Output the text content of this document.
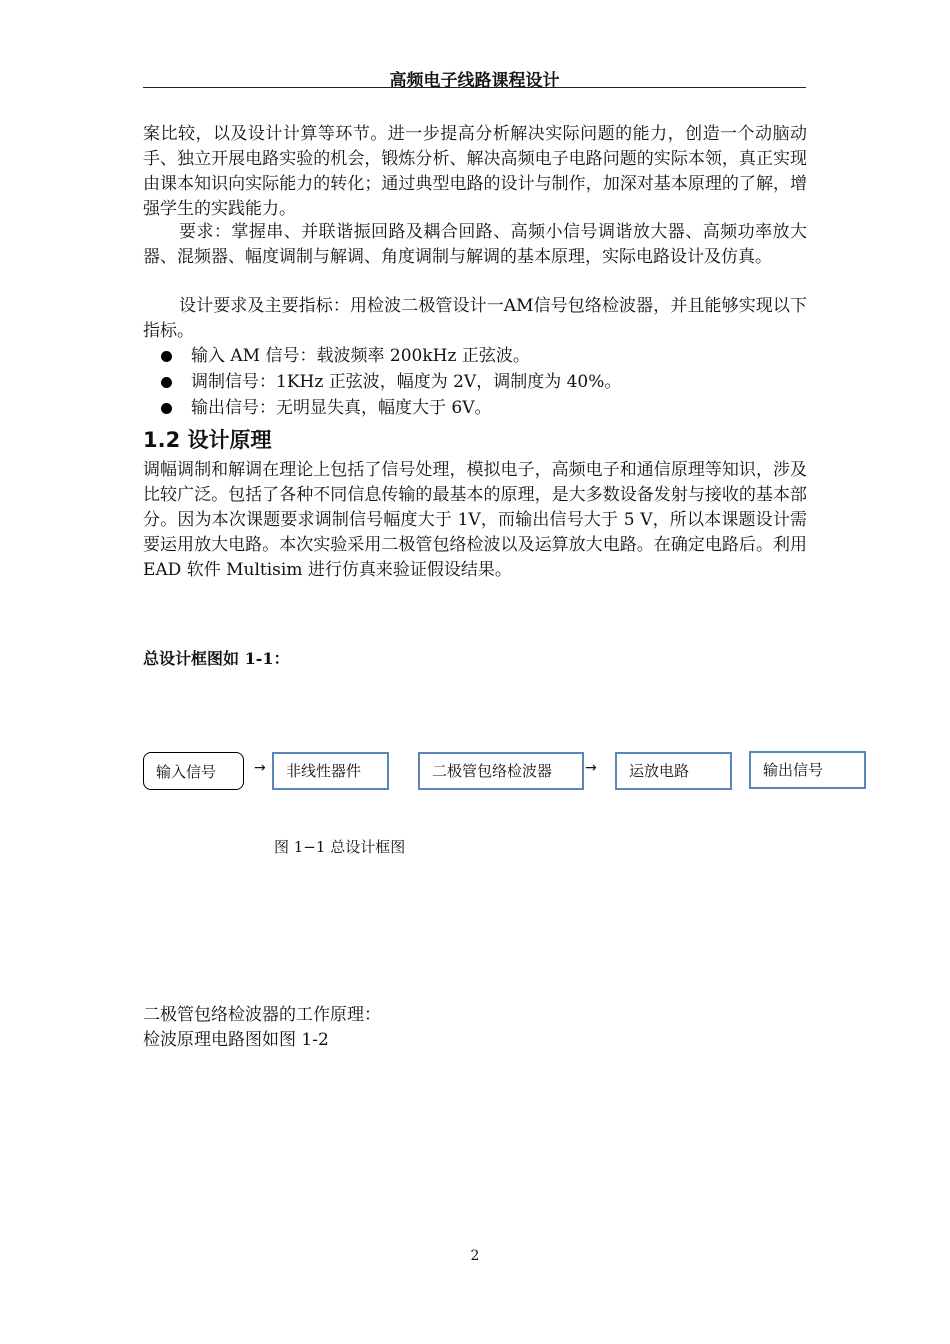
高频电子线路课程设计

案比较，以及设计计算等环节。进一步提高分析解决实际问题的能力，创造一个动脑动手、独立开展电路实验的机会，锻炼分析、解决高频电子电路问题的实际本领，真正实现由课本知识向实际能力的转化；通过典型电路的设计与制作，加深对基本原理的了解，增强学生的实践能力。

要求：掌握串、并联谐振回路及耦合回路、高频小信号调谐放大器、高频功率放大器、混频器、幅度调制与解调、角度调制与解调的基本原理，实际电路设计及仿真。

设计要求及主要指标：用检波二极管设计一AM信号包络检波器，并且能够实现以下指标。

输入 AM 信号：载波频率 200kHz 正弦波。
调制信号：1KHz 正弦波，幅度为 2V，调制度为 40%。
输出信号：无明显失真，幅度大于 6V。
1.2 设计原理

调幅调制和解调在理论上包括了信号处理，模拟电子，高频电子和通信原理等知识，涉及比较广泛。包括了各种不同信息传输的最基本的原理，是大多数设备发射与接收的基本部分。因为本次课题要求调制信号幅度大于 1V，而输出信号大于 5 V，所以本课题设计需要运用放大电路。本次实验采用二极管包络检波以及运算放大电路。在确定电路后。利用 EAD 软件 Multisim 进行仿真来验证假设结果。

总设计框图如 1-1：
输入信号	→	非线性器件	二极管包络检波器	→	运放电路	输出信号
图 1−1 总设计框图
二极管包络检波器的工作原理：
检波原理电路图如图 1-2
2
